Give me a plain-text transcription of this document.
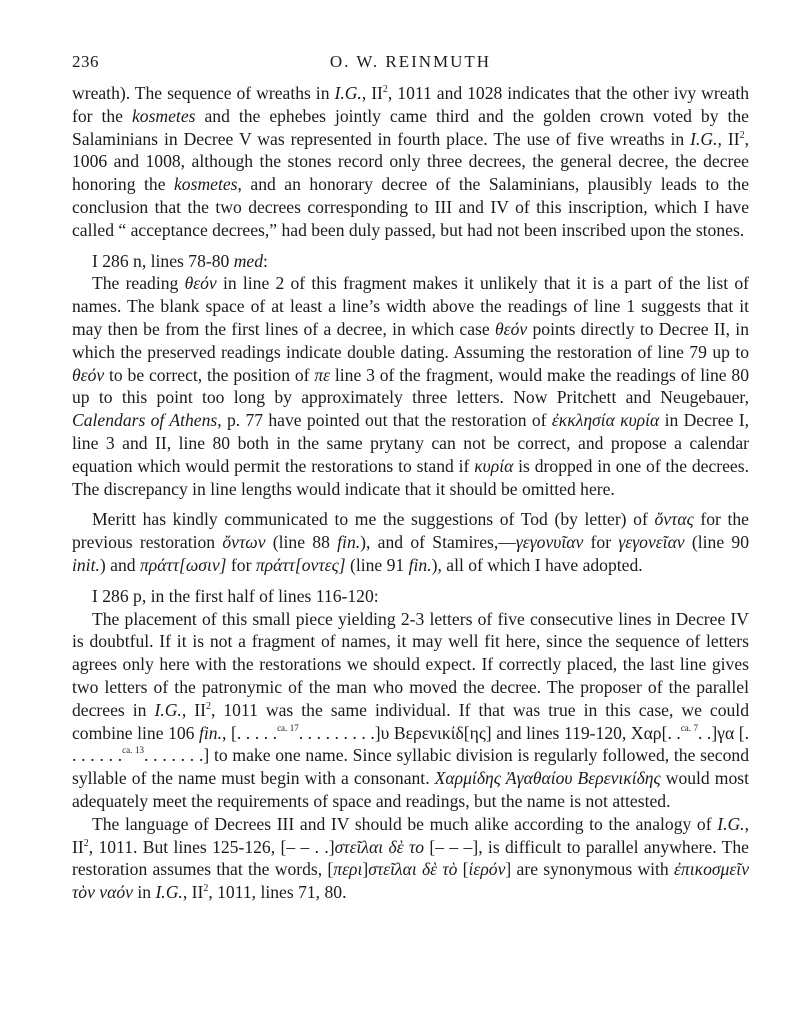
236	O. W. REINMUTH

wreath). The sequence of wreaths in I.G., $II^2$, 1011 and 1028 indicates that the other ivy wreath for the kosmetes and the ephebes jointly came third and the golden crown voted by the Salaminians in Decree V was represented in fourth place. The use of five wreaths in I.G., $II^2$, 1006 and 1008, although the stones record only three decrees, the general decree, the decree honoring the kosmetes, and an honorary decree of the Salaminians, plausibly leads to the conclusion that the two decrees corresponding to III and IV of this inscription, which I have called “ acceptance decrees,” had been duly passed, but had not been inscribed upon the stones.

I 286 n, lines 78-80 med:

The reading θεόν in line 2 of this fragment makes it unlikely that it is a part of the list of names. The blank space of at least a line’s width above the readings of line 1 suggests that it may then be from the first lines of a decree, in which case θεόν points directly to Decree II, in which the preserved readings indicate double dating. Assuming the restoration of line 79 up to θεόν to be correct, the position of πε line 3 of the fragment, would make the readings of line 80 up to this point too long by approximately three letters. Now Pritchett and Neugebauer, Calendars of Athens, p. 77 have pointed out that the restoration of ἐκκλησία κυρία in Decree I, line 3 and II, line 80 both in the same prytany can not be correct, and propose a calendar equation which would permit the restorations to stand if κυρία is dropped in one of the decrees. The discrepancy in line lengths would indicate that it should be omitted here.

Meritt has kindly communicated to me the suggestions of Tod (by letter) of ὄντας for the previous restoration ὄντων (line 88 fin.), and of Stamires,—γεγονυῖαν for γεγονεῖαν (line 90 init.) and πράττ[ωσιν] for πράττ[οντες] (line 91 fin.), all of which I have adopted.

I 286 p, in the first half of lines 116-120:

The placement of this small piece yielding 2-3 letters of five consecutive lines in Decree IV is doubtful. If it is not a fragment of names, it may well fit here, since the sequence of letters agrees only here with the restorations we should expect. If correctly placed, the last line gives two letters of the patronymic of the man who moved the decree. The proposer of the parallel decrees in I.G., $II^2$, 1011 was the same individual. If that was true in this case, we could combine line 106 fin., [. . . . .$^{ca. 17}$. . . . . . . . .]υ Βερενικίδ[ης] and lines 119-120, Χαρ[. .$^{ca. 7}$. .]γα [. . . . . . .$^{ca. 13}$. . . . . . .] to make one name. Since syllabic division is regularly followed, the second syllable of the name must begin with a consonant. Χαρμίδης Ἀγαθαίου Βερενικίδης would most adequately meet the requirements of space and readings, but the name is not attested.

The language of Decrees III and IV should be much alike according to the analogy of I.G., $II^2$, 1011. But lines 125-126, [– – . .]στεῖλαι δὲ το [– – –], is difficult to parallel anywhere. The restoration assumes that the words, [περι]στεῖλαι δὲ τὸ [ἱερόν] are synonymous with ἐπικοσμεῖν τὸν ναόν in I.G., $II^2$, 1011, lines 71, 80.
